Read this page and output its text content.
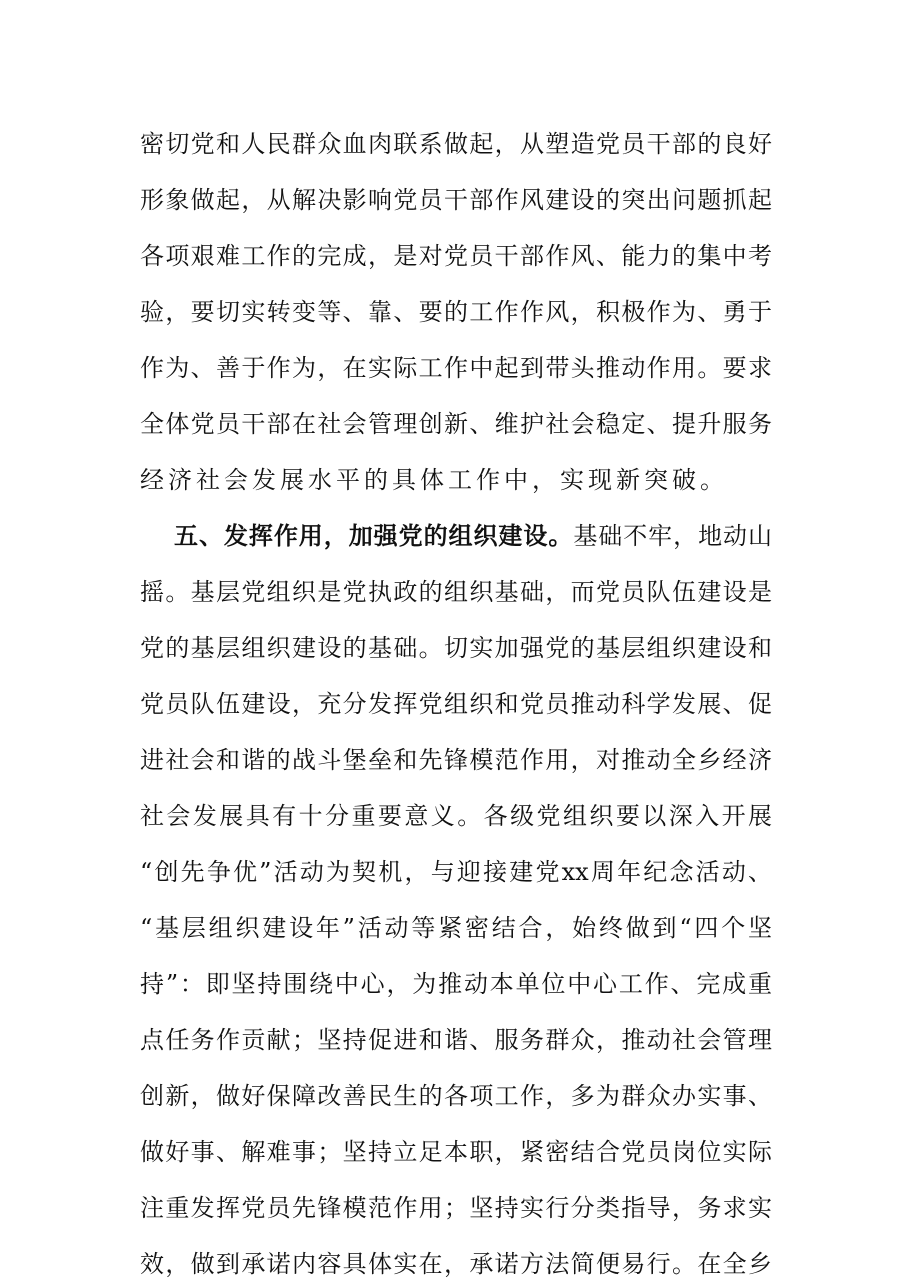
密切党和人民群众血肉联系做起，从塑造党员干部的良好
形象做起，从解决影响党员干部作风建设的突出问题抓起
各项艰难工作的完成，是对党员干部作风、能力的集中考
验，要切实转变等、靠、要的工作作风，积极作为、勇于
作为、善于作为，在实际工作中起到带头推动作用。要求
全体党员干部在社会管理创新、维护社会稳定、提升服务
经济社会发展水平的具体工作中，实现新突破。
五、发挥作用，加强党的组织建设。基础不牢，地动山
摇。基层党组织是党执政的组织基础，而党员队伍建设是
党的基层组织建设的基础。切实加强党的基层组织建设和
党员队伍建设，充分发挥党组织和党员推动科学发展、促
进社会和谐的战斗堡垒和先锋模范作用，对推动全乡经济
社会发展具有十分重要意义。各级党组织要以深入开展
“创先争优”活动为契机，与迎接建党xx周年纪念活动、
“基层组织建设年”活动等紧密结合，始终做到“四个坚
持”：即坚持围绕中心，为推动本单位中心工作、完成重
点任务作贡献；坚持促进和谐、服务群众，推动社会管理
创新，做好保障改善民生的各项工作，多为群众办实事、
做好事、解难事；坚持立足本职，紧密结合党员岗位实际
注重发挥党员先锋模范作用；坚持实行分类指导，务求实
效，做到承诺内容具体实在，承诺方法简便易行。在全乡
